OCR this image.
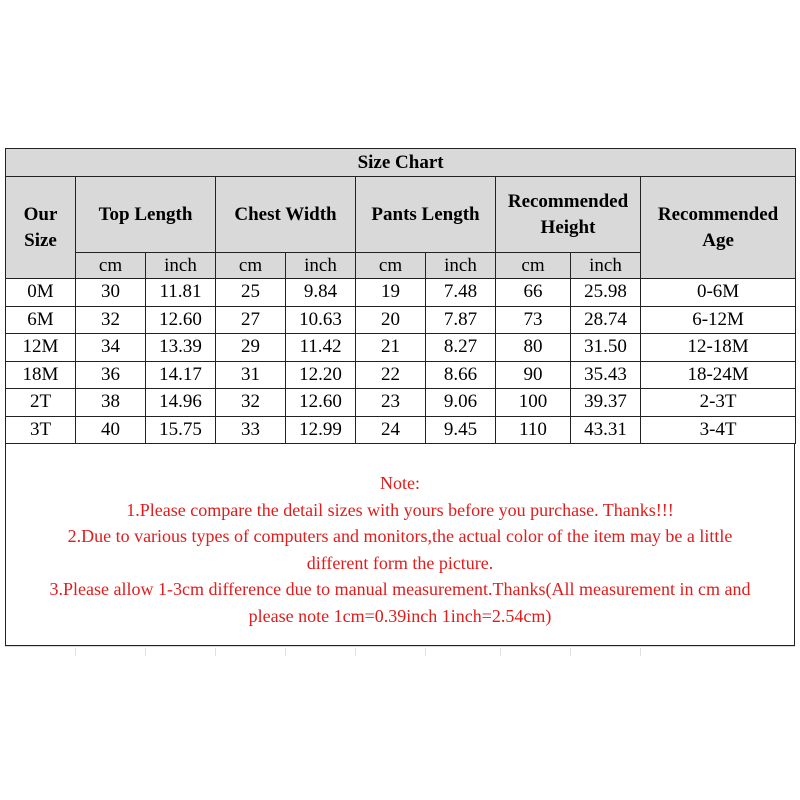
Size Chart									
Our Size	Top Length		Chest Width		Pants Length		Recommended Height		Recommended Age
	cm	inch	cm	inch	cm	inch	cm	inch	
0M	30	11.81	25	9.84	19	7.48	66	25.98	0-6M
6M	32	12.60	27	10.63	20	7.87	73	28.74	6-12M
12M	34	13.39	29	11.42	21	8.27	80	31.50	12-18M
18M	36	14.17	31	12.20	22	8.66	90	35.43	18-24M
2T	38	14.96	32	12.60	23	9.06	100	39.37	2-3T
3T	40	15.75	33	12.99	24	9.45	110	43.31	3-4T

Note:

1.Please compare the detail sizes with yours before you purchase. Thanks!!!

2.Due to various types of computers and monitors,the actual color of the item may be a little

different form the picture.

3.Please allow 1-3cm difference due to manual measurement.Thanks(All measurement in cm and

please note 1cm=0.39inch 1inch=2.54cm)
